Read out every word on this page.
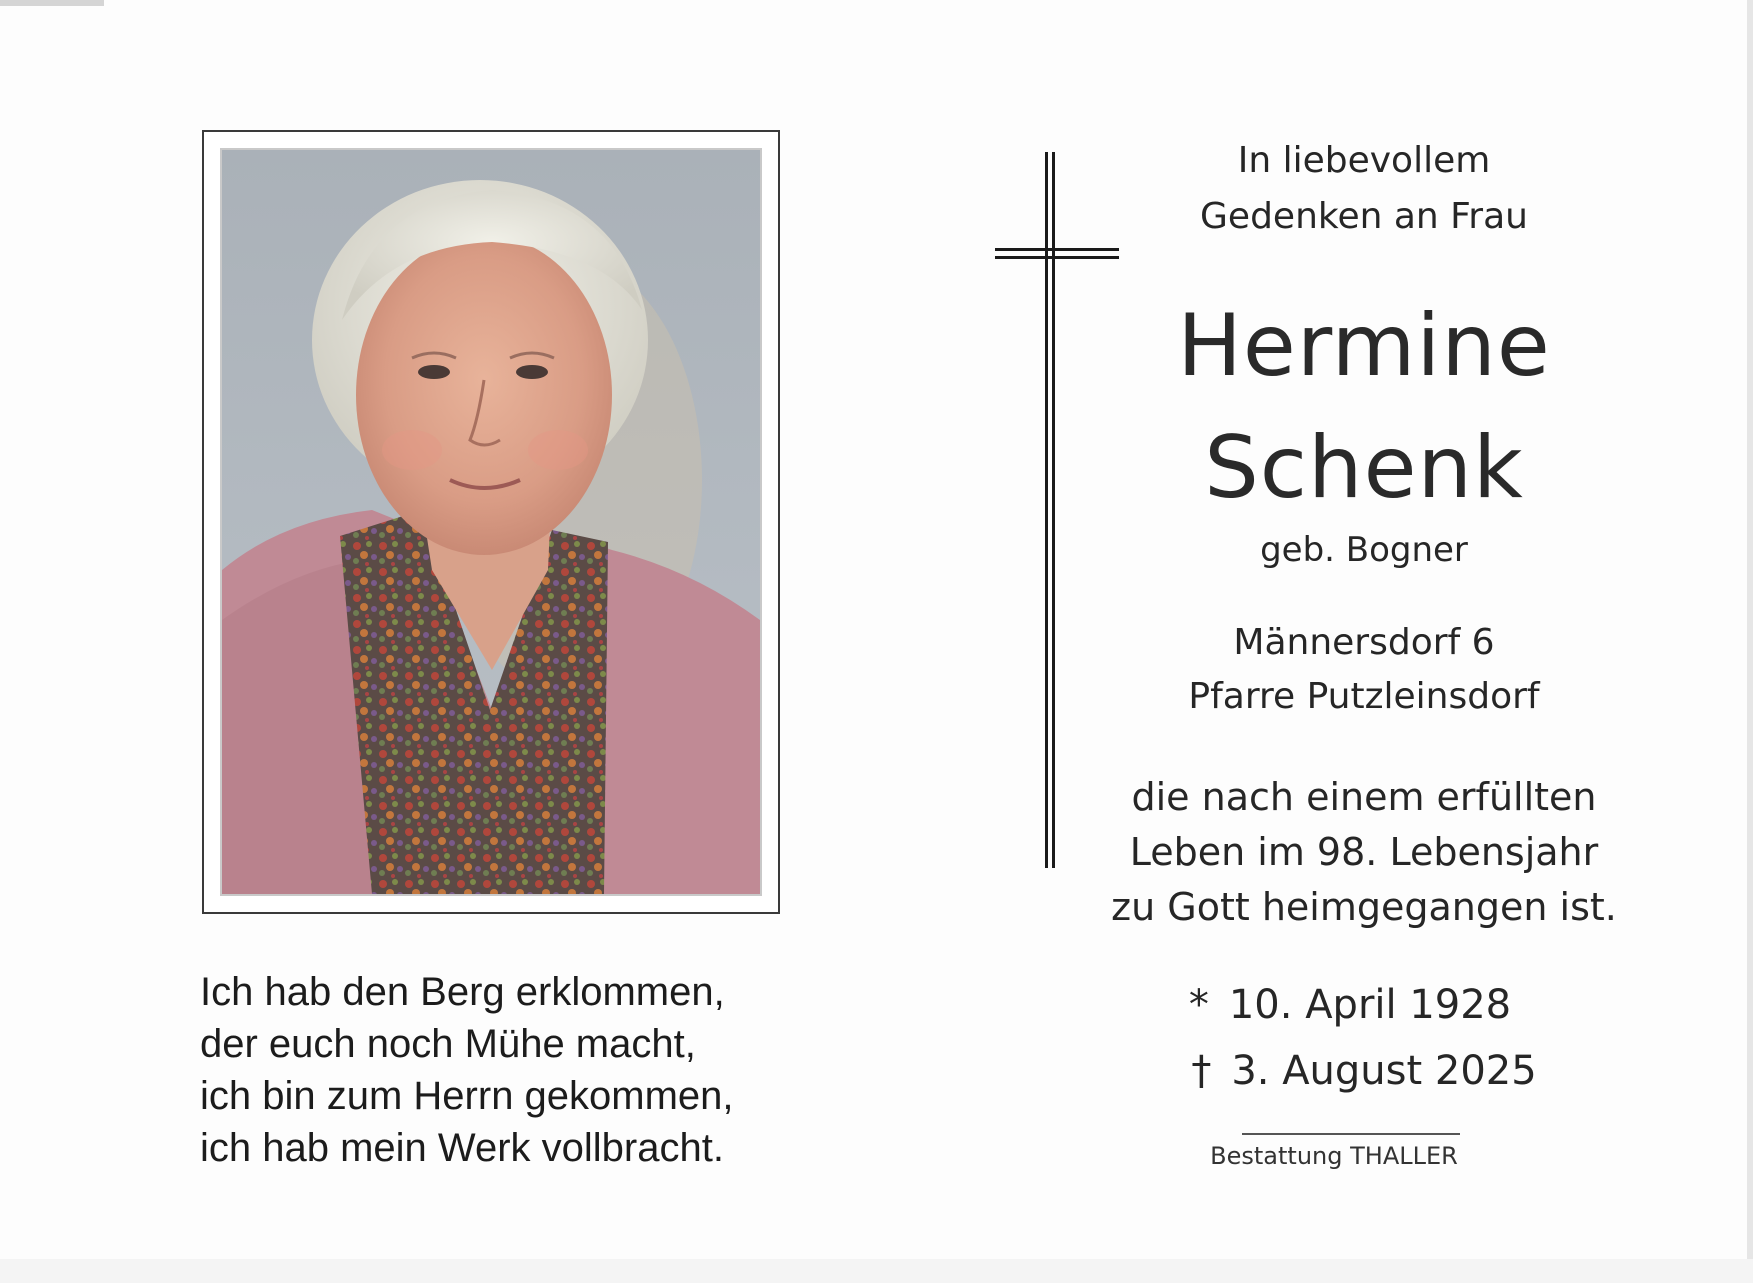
Ich hab den Berg erklommen,
der euch noch Mühe macht,
ich bin zum Herrn gekommen,
ich hab mein Werk vollbracht.
In liebevollem
Gedenken an Frau
Hermine
Schenk
geb. Bogner
Männersdorf 6
Pfarre Putzleinsdorf
die nach einem erfüllten
Leben im 98. Lebensjahr
zu Gott heimgegangen ist.
* 10. April 1928
† 3. August 2025
Bestattung THALLER
